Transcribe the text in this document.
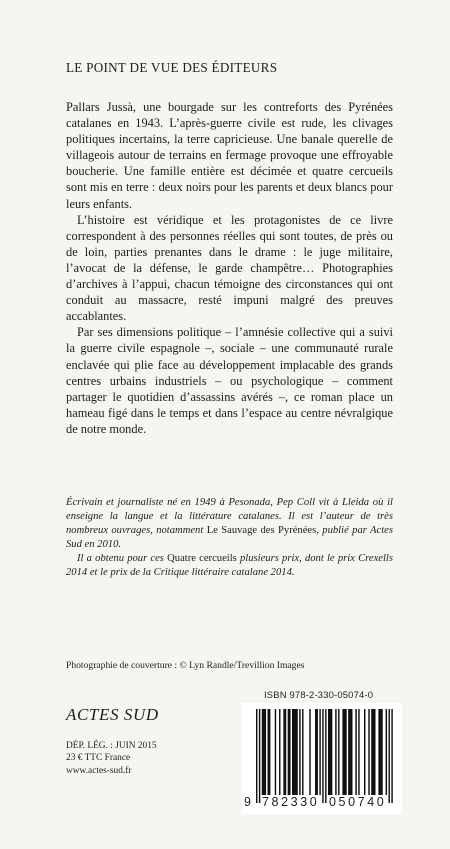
LE POINT DE VUE DES ÉDITEURS

Pallars Jussà, une bourgade sur les contreforts des Pyrénées catalanes en 1943. L’après-guerre civile est rude, les clivages politiques incertains, la terre capricieuse. Une banale querelle de villageois autour de terrains en fermage provoque une effroyable boucherie. Une famille entière est décimée et quatre cercueils sont mis en terre : deux noirs pour les parents et deux blancs pour leurs enfants.

L’histoire est véridique et les protagonistes de ce livre correspondent à des personnes réelles qui sont toutes, de près ou de loin, parties prenantes dans le drame : le juge militaire, l’avocat de la défense, le garde champêtre… Photographies d’archives à l’appui, chacun témoigne des circonstances qui ont conduit au massacre, resté impuni malgré des preuves accablantes.

Par ses dimensions politique – l’amnésie collective qui a suivi la guerre civile espagnole –, sociale – une communauté rurale enclavée qui plie face au développement implacable des grands centres urbains industriels – ou psychologique – comment partager le quotidien d’assassins avérés –, ce roman place un hameau figé dans le temps et dans l’espace au centre névralgique de notre monde.

Écrivain et journaliste né en 1949 à Pesonada, Pep Coll vit à Lleida où il enseigne la langue et la littérature catalanes. Il est l’auteur de très nombreux ouvrages, notamment Le Sauvage des Pyrénées, publié par Actes Sud en 2010.

Il a obtenu pour ces Quatre cercueils plusieurs prix, dont le prix Crexells 2014 et le prix de la Critique littéraire catalane 2014.

Photographie de couverture : © Lyn Randle/Trevillion Images
ACTES SUD
DÉP. LÉG. : JUIN 2015
23 € TTC France
www.actes-sud.fr
ISBN 978-2-330-05074-0
9 782330 050740
